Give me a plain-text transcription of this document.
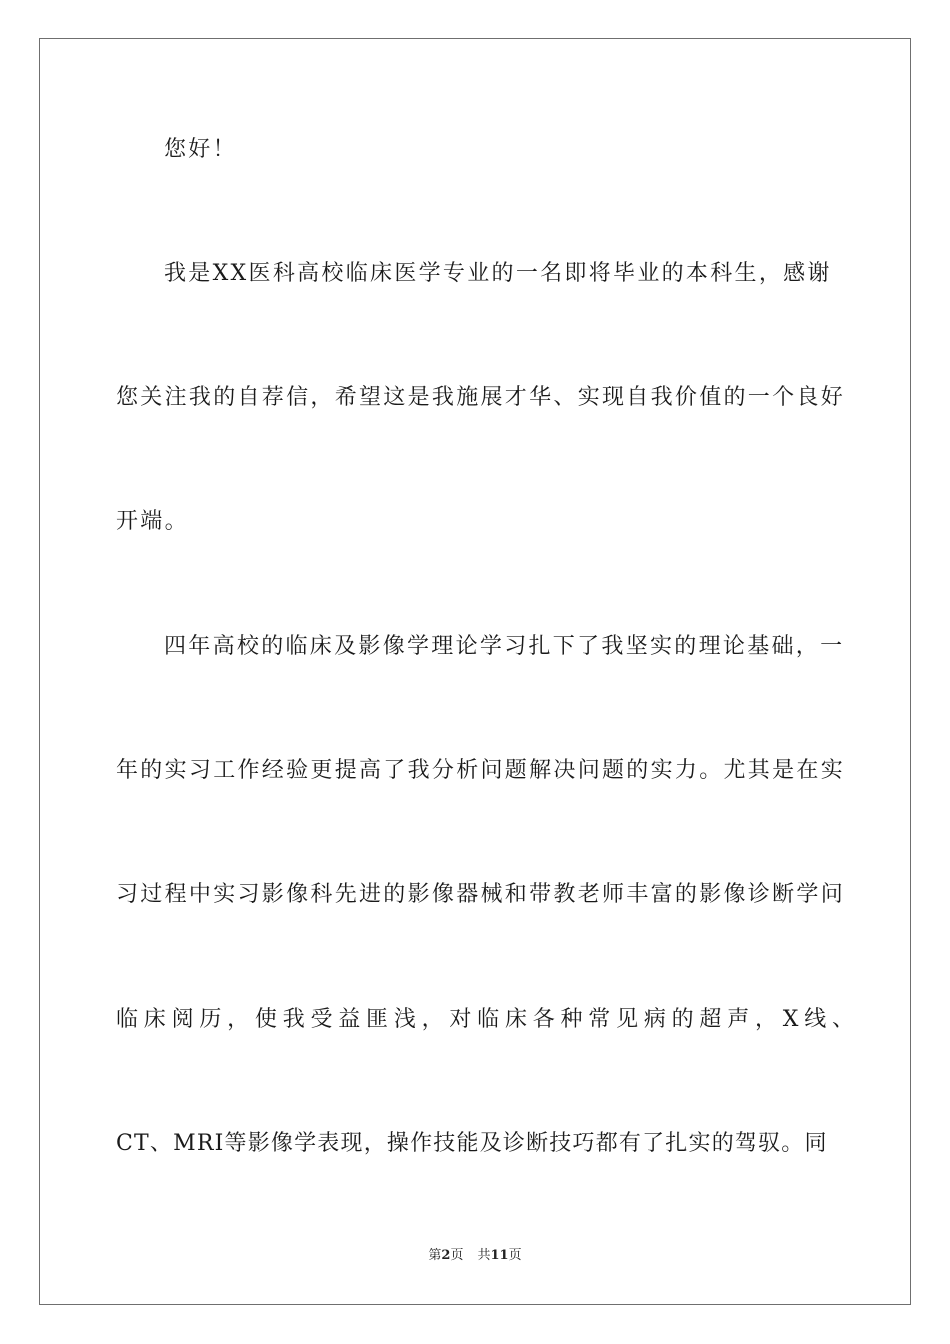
您好！
我是XX医科高校临床医学专业的一名即将毕业的本科生，感谢
您关注我的自荐信，希望这是我施展才华、实现自我价值的一个良好
开端。
四年高校的临床及影像学理论学习扎下了我坚实的理论基础，一
年的实习工作经验更提高了我分析问题解决问题的实力。尤其是在实
习过程中实习影像科先进的影像器械和带教老师丰富的影像诊断学问
临床阅历，使我受益匪浅，对临床各种常见病的超声，X线、
CT、MRI等影像学表现，操作技能及诊断技巧都有了扎实的驾驭。同
第2页 共11页
